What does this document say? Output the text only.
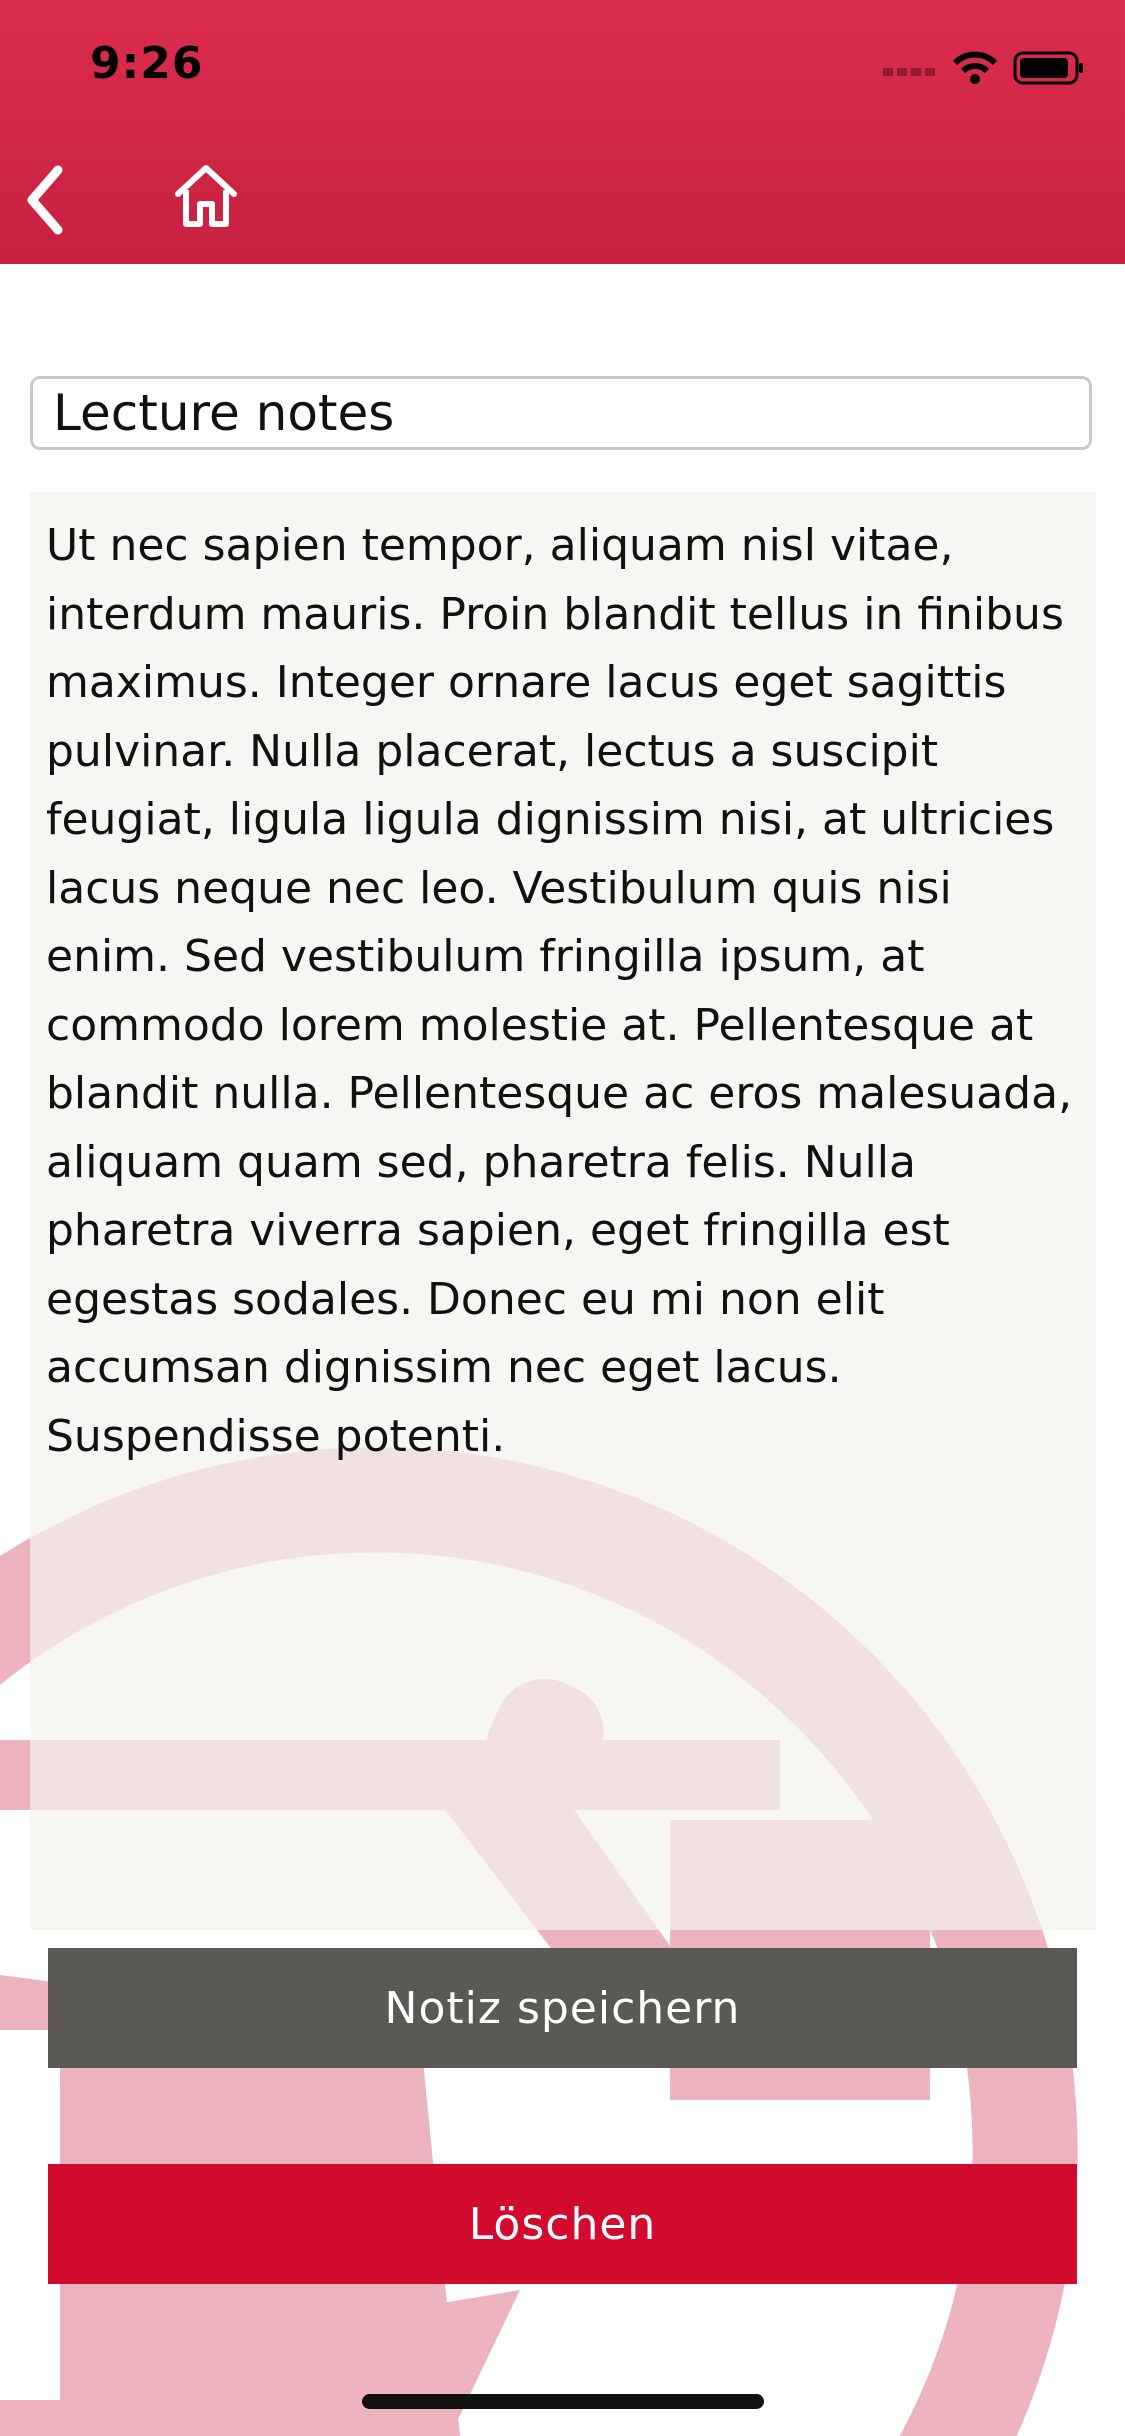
9:26
Lecture notes

Ut nec sapien tempor, aliquam nisl vitae, interdum mauris. Proin blandit tellus in finibus maximus. Integer ornare lacus eget sagittis pulvinar. Nulla placerat, lectus a suscipit feugiat, ligula ligula dignissim nisi, at ultricies lacus neque nec leo. Vestibulum quis nisi enim. Sed vestibulum fringilla ipsum, at commodo lorem molestie at. Pellentesque at blandit nulla. Pellentesque ac eros malesuada, aliquam quam sed, pharetra felis. Nulla pharetra viverra sapien, eget fringilla est egestas sodales. Donec eu mi non elit accumsan dignissim nec eget lacus. Suspendisse potenti.

Notiz speichern
Löschen
